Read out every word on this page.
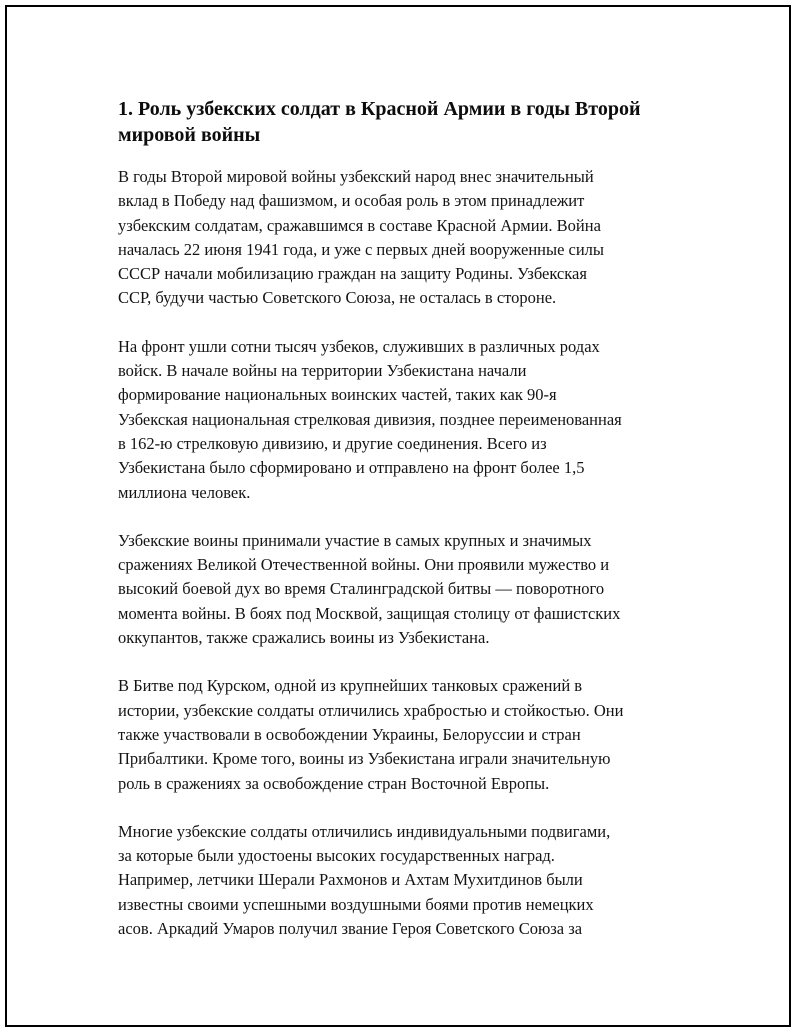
1. Роль узбекских солдат в Красной Армии в годы Второй
мировой войны

В годы Второй мировой войны узбекский народ внес значительный
вклад в Победу над фашизмом, и особая роль в этом принадлежит
узбекским солдатам, сражавшимся в составе Красной Армии. Война
началась 22 июня 1941 года, и уже с первых дней вооруженные силы
СССР начали мобилизацию граждан на защиту Родины. Узбекская
ССР, будучи частью Советского Союза, не осталась в стороне.

На фронт ушли сотни тысяч узбеков, служивших в различных родах
войск. В начале войны на территории Узбекистана начали
формирование национальных воинских частей, таких как 90-я
Узбекская национальная стрелковая дивизия, позднее переименованная
в 162-ю стрелковую дивизию, и другие соединения. Всего из
Узбекистана было сформировано и отправлено на фронт более 1,5
миллиона человек.

Узбекские воины принимали участие в самых крупных и значимых
сражениях Великой Отечественной войны. Они проявили мужество и
высокий боевой дух во время Сталинградской битвы — поворотного
момента войны. В боях под Москвой, защищая столицу от фашистских
оккупантов, также сражались воины из Узбекистана.

В Битве под Курском, одной из крупнейших танковых сражений в
истории, узбекские солдаты отличились храбростью и стойкостью. Они
также участвовали в освобождении Украины, Белоруссии и стран
Прибалтики. Кроме того, воины из Узбекистана играли значительную
роль в сражениях за освобождение стран Восточной Европы.

Многие узбекские солдаты отличились индивидуальными подвигами,
за которые были удостоены высоких государственных наград.
Например, летчики Шерали Рахмонов и Ахтам Мухитдинов были
известны своими успешными воздушными боями против немецких
асов. Аркадий Умаров получил звание Героя Советского Союза за
